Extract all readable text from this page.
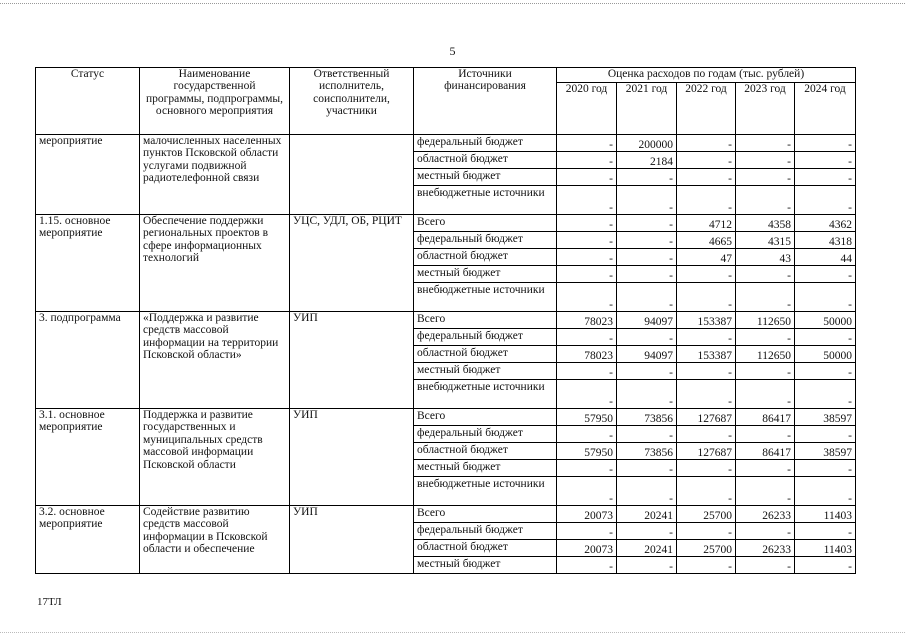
5
Статус	Наименование государственной программы, подпрограммы, основного мероприятия	Ответственный исполнитель, соисполнители, участники	Источники финансирования	Оценка расходов по годам (тыс. рублей)				
				2020 год	2021 год	2022 год	2023 год	2024 год
мероприятие	малочисленных населенных пунктов Псковской области услугами подвижной радиотелефонной связи		федеральный бюджет	-	200000	-	-	-
			областной бюджет	-	2184	-	-	-
			местный бюджет	-	-	-	-	-
			внебюджетные источники	-	-	-	-	-
1.15. основное мероприятие	Обеспечение поддержки региональных проектов в сфере информационных технологий	УЦС, УДЛ, ОБ, РЦИТ	Всего	-	-	4712	4358	4362
			федеральный бюджет	-	-	4665	4315	4318
			областной бюджет	-	-	47	43	44
			местный бюджет	-	-	-	-	-
			внебюджетные источники	-	-	-	-	-
3. подпрограмма	«Поддержка и развитие средств массовой информации на территории Псковской области»	УИП	Всего	78023	94097	153387	112650	50000
			федеральный бюджет	-	-	-	-	-
			областной бюджет	78023	94097	153387	112650	50000
			местный бюджет	-	-	-	-	-
			внебюджетные источники	-	-	-	-	-
3.1. основное мероприятие	Поддержка и развитие государственных и муниципальных средств массовой информации Псковской области	УИП	Всего	57950	73856	127687	86417	38597
			федеральный бюджет	-	-	-	-	-
			областной бюджет	57950	73856	127687	86417	38597
			местный бюджет	-	-	-	-	-
			внебюджетные источники	-	-	-	-	-
3.2. основное мероприятие	Содействие развитию средств массовой информации в Псковской области и обеспечение	УИП	Всего	20073	20241	25700	26233	11403
			федеральный бюджет	-	-	-	-	-
			областной бюджет	20073	20241	25700	26233	11403
			местный бюджет	-	-	-	-	-
17ТЛ
